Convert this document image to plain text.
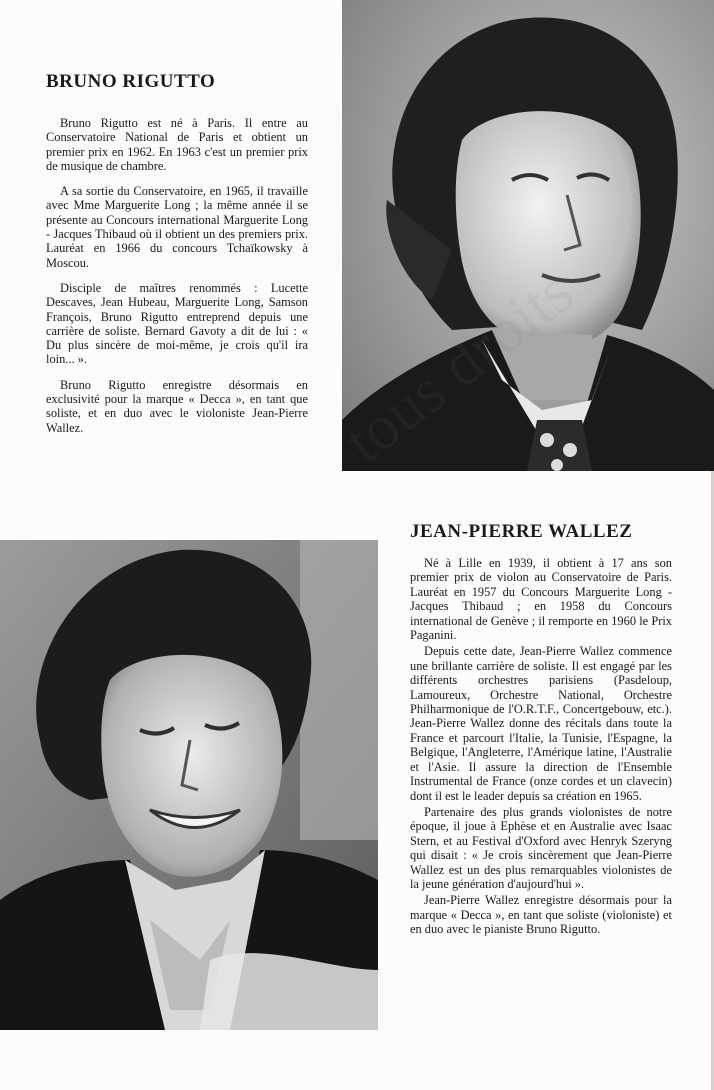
BRUNO RIGUTTO

Bruno Rigutto est né à Paris. Il entre au Conservatoire National de Paris et obtient un premier prix en 1962. En 1963 c'est un premier prix de musique de chambre.

A sa sortie du Conservatoire, en 1965, il travaille avec Mme Marguerite Long ; la même année il se présente au Concours international Marguerite Long - Jacques Thibaud où il obtient un des premiers prix. Lauréat en 1966 du concours Tchaïkowsky à Moscou.

Disciple de maîtres renommés : Lucette Descaves, Jean Hubeau, Marguerite Long, Samson François, Bruno Rigutto entreprend depuis une carrière de soliste. Bernard Gavoty a dit de lui : « Du plus sincère de moi-même, je crois qu'il ira loin... ».

Bruno Rigutto enregistre désormais en exclusivité pour la marque « Decca », en tant que soliste, et en duo avec le violoniste Jean-Pierre Wallez.

JEAN-PIERRE WALLEZ

Né à Lille en 1939, il obtient à 17 ans son premier prix de violon au Conservatoire de Paris. Lauréat en 1957 du Concours Marguerite Long - Jacques Thibaud ; en 1958 du Concours international de Genève ; il remporte en 1960 le Prix Paganini.

Depuis cette date, Jean-Pierre Wallez commence une brillante carrière de soliste. Il est engagé par les différents orchestres parisiens (Pasdeloup, Lamoureux, Orchestre National, Orchestre Philharmonique de l'O.R.T.F., Concertgebouw, etc.). Jean-Pierre Wallez donne des récitals dans toute la France et parcourt l'Italie, la Tunisie, l'Espagne, la Belgique, l'Angleterre, l'Amérique latine, l'Australie et l'Asie. Il assure la direction de l'Ensemble Instrumental de France (onze cordes et un clavecin) dont il est le leader depuis sa création en 1965.

Partenaire des plus grands violonistes de notre époque, il joue à Ephèse et en Australie avec Isaac Stern, et au Festival d'Oxford avec Henryk Szeryng qui disait : « Je crois sincèrement que Jean-Pierre Wallez est un des plus remarquables violonistes de la jeune génération d'aujourd'hui ».

Jean-Pierre Wallez enregistre désormais pour la marque « Decca », en tant que soliste (violoniste) et en duo avec le pianiste Bruno Rigutto.
